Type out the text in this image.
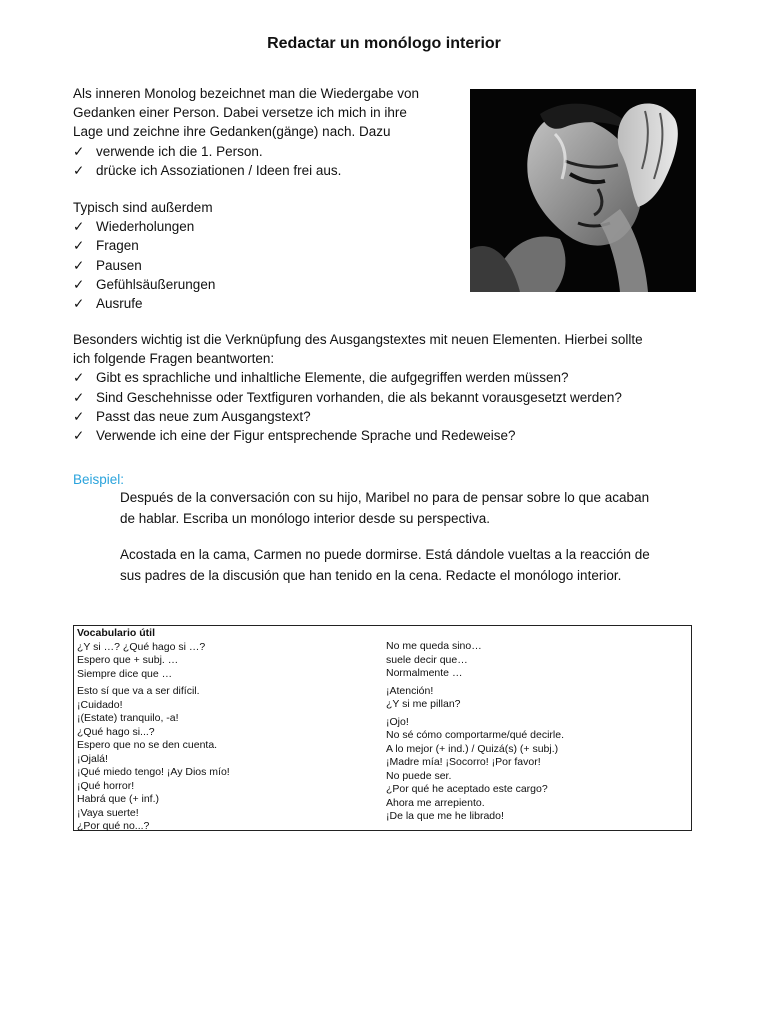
Redactar un monólogo interior

Als inneren Monolog bezeichnet man die Wiedergabe von

Gedanken einer Person. Dabei versetze ich mich in ihre

Lage und zeichne ihre Gedanken(gänge) nach. Dazu

✓ verwende ich die 1. Person.
✓ drücke ich Assoziationen / Ideen frei aus.

Typisch sind außerdem

✓ Wiederholungen
✓ Fragen
✓ Pausen
✓ Gefühlsäußerungen
✓ Ausrufe

Besonders wichtig ist die Verknüpfung des Ausgangstextes mit neuen Elementen. Hierbei sollte

ich folgende Fragen beantworten:

✓ Gibt es sprachliche und inhaltliche Elemente, die aufgegriffen werden müssen?
✓ Sind Geschehnisse oder Textfiguren vorhanden, die als bekannt vorausgesetzt werden?
✓ Passt das neue zum Ausgangstext?
✓ Verwende ich eine der Figur entsprechende Sprache und Redeweise?
Beispiel:
Después de la conversación con su hijo, Maribel no para de pensar sobre lo que acaban
de hablar. Escriba un monólogo interior desde su perspectiva.
Acostada en la cama, Carmen no puede dormirse. Está dándole vueltas a la reacción de
sus padres de la discusión que han tenido en la cena. Redacte el monólogo interior.
Vocabulario útil
¿Y si …? ¿Qué hago si …?
Espero que + subj. …
Siempre dice que …
Esto sí que va a ser difícil.
¡Cuidado!
¡(Estate) tranquilo, -a!
¿Qué hago si...?
Espero que no se den cuenta.
¡Ojalá!
¡Qué miedo tengo! ¡Ay Dios mío!
¡Qué horror!
Habrá que (+ inf.)
¡Vaya suerte!
¿Por qué no...?
No me queda sino…
suele decir que…
Normalmente …
¡Atención!
¿Y si me pillan?
¡Ojo!
No sé cómo comportarme/qué decirle.
A lo mejor (+ ind.) / Quizá(s) (+ subj.)
¡Madre mía! ¡Socorro! ¡Por favor!
No puede ser.
¿Por qué he aceptado este cargo?
Ahora me arrepiento.
¡De la que me he librado!
